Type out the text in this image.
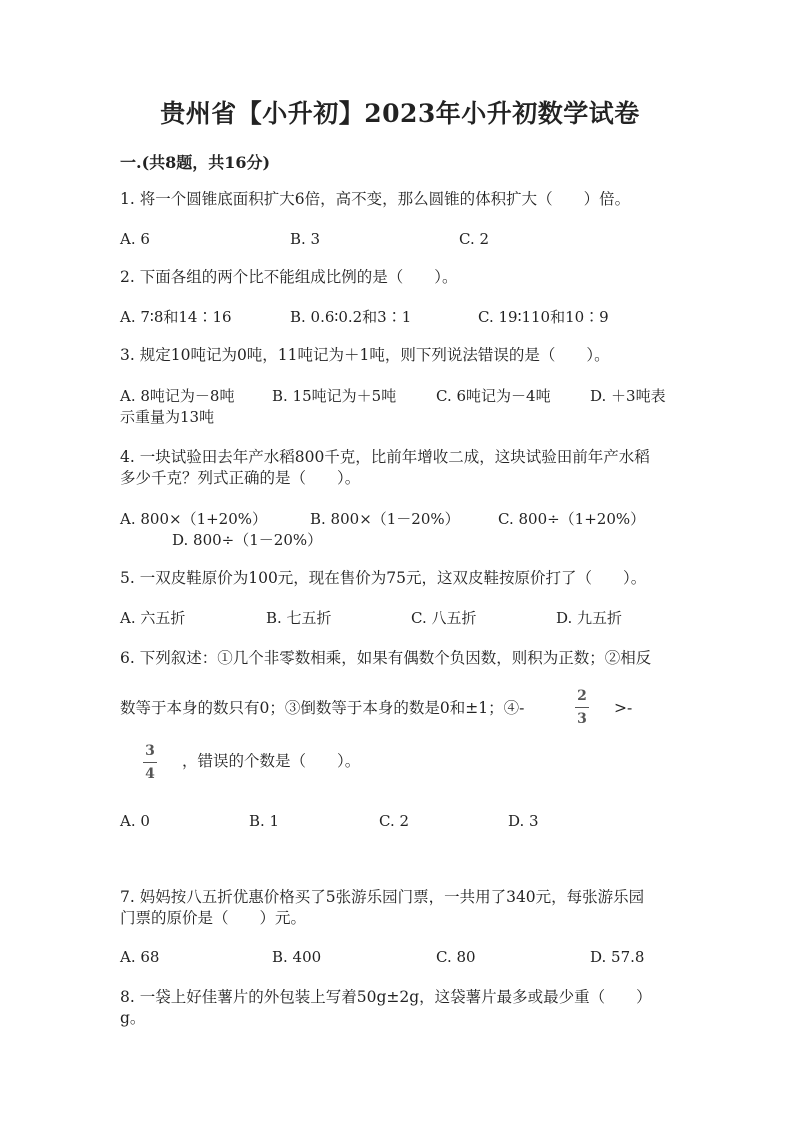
贵州省【小升初】2023年小升初数学试卷
一.(共8题，共16分)
1. 将一个圆锥底面积扩大6倍，高不变，那么圆锥的体积扩大（　　）倍。
A. 6	B. 3	C. 2
2. 下面各组的两个比不能组成比例的是（　　）。
A. 7∶8和14∶16	B. 0.6∶0.2和3∶1	C. 19∶110和10∶9
3. 规定10吨记为0吨，11吨记为＋1吨，则下列说法错误的是（　　）。
A. 8吨记为－8吨	B. 15吨记为＋5吨	C. 6吨记为－4吨	D. ＋3吨表
示重量为13吨
4. 一块试验田去年产水稻800千克，比前年增收二成，这块试验田前年产水稻
多少千克？列式正确的是（　　）。
A. 800×（1+20%）	B. 800×（1－20%）	C. 800÷（1+20%）
D. 800÷（1－20%）
5. 一双皮鞋原价为100元，现在售价为75元，这双皮鞋按原价打了（　　）。
A. 六五折	B. 七五折	C. 八五折	D. 九五折
6. 下列叙述：①几个非零数相乘，如果有偶数个负因数，则积为正数；②相反
数等于本身的数只有0；③倒数等于本身的数是0和±1；④-
2
3
>-
3
4
，错误的个数是（　　）。
A. 0	B. 1	C. 2	D. 3
7. 妈妈按八五折优惠价格买了5张游乐园门票，一共用了340元，每张游乐园
门票的原价是（　　）元。
A. 68	B. 400	C. 80	D. 57.8
8. 一袋上好佳薯片的外包装上写着50g±2g，这袋薯片最多或最少重（　　）
g。
